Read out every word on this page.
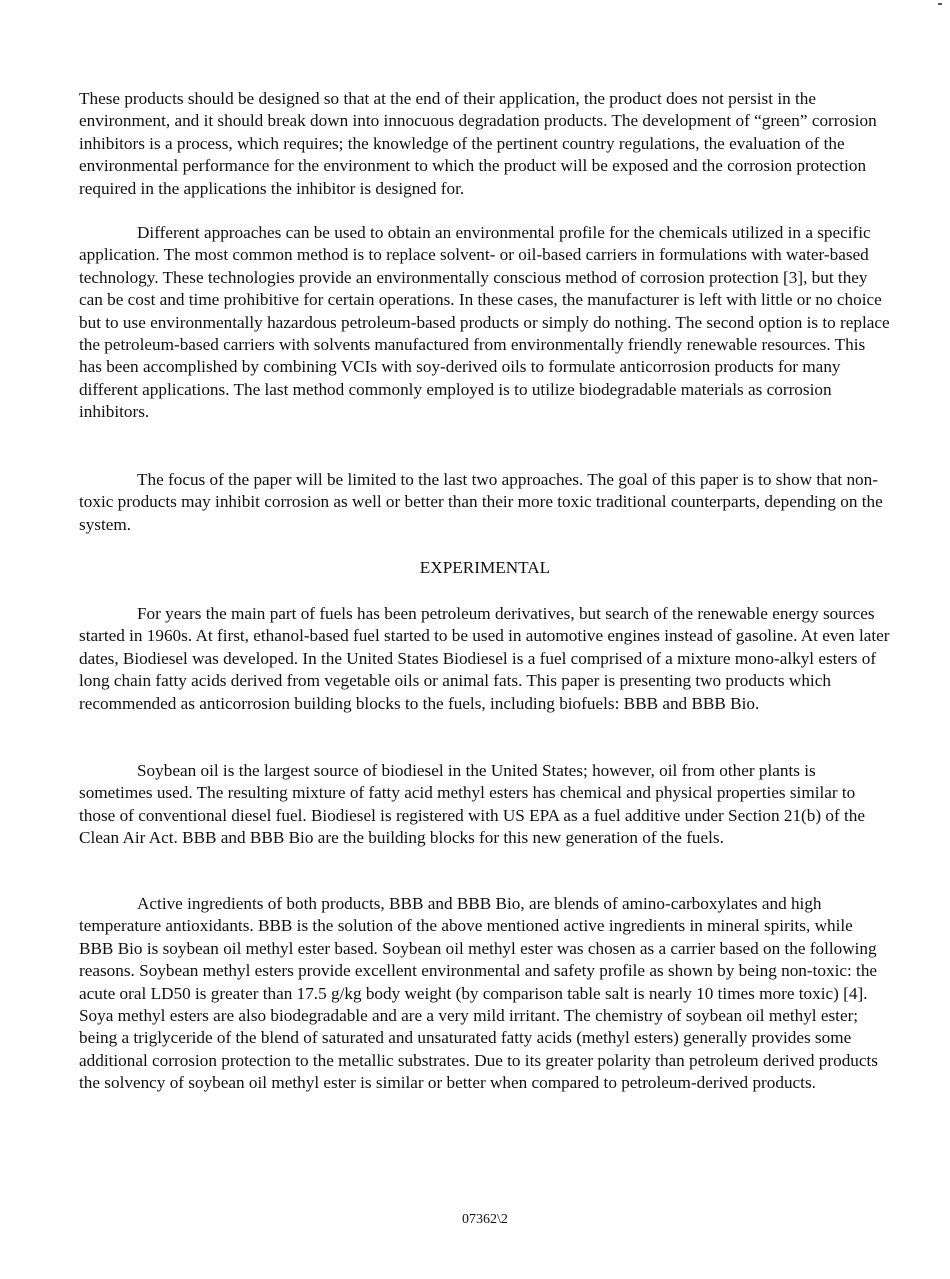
These products should be designed so that at the end of their application, the product does not persist in the environment, and it should break down into innocuous degradation products. The development of “green” corrosion inhibitors is a process, which requires; the knowledge of the pertinent country regulations, the evaluation of the environmental performance for the environment to which the product will be exposed and the corrosion protection required in the applications the inhibitor is designed for.

Different approaches can be used to obtain an environmental profile for the chemicals utilized in a specific application. The most common method is to replace solvent- or oil-based carriers in formulations with water-based technology. These technologies provide an environmentally conscious method of corrosion protection [3], but they can be cost and time prohibitive for certain operations. In these cases, the manufacturer is left with little or no choice but to use environmentally hazardous petroleum-based products or simply do nothing. The second option is to replace the petroleum-based carriers with solvents manufactured from environmentally friendly renewable resources. This has been accomplished by combining VCIs with soy-derived oils to formulate anticorrosion products for many different applications. The last method commonly employed is to utilize biodegradable materials as corrosion inhibitors.

The focus of the paper will be limited to the last two approaches. The goal of this paper is to show that non-toxic products may inhibit corrosion as well or better than their more toxic traditional counterparts, depending on the system.

EXPERIMENTAL

For years the main part of fuels has been petroleum derivatives, but search of the renewable energy sources started in 1960s. At first, ethanol-based fuel started to be used in automotive engines instead of gasoline. At even later dates, Biodiesel was developed. In the United States Biodiesel is a fuel comprised of a mixture mono-alkyl esters of long chain fatty acids derived from vegetable oils or animal fats. This paper is presenting two products which recommended as anticorrosion building blocks to the fuels, including biofuels: BBB and BBB Bio.

Soybean oil is the largest source of biodiesel in the United States; however, oil from other plants is sometimes used. The resulting mixture of fatty acid methyl esters has chemical and physical properties similar to those of conventional diesel fuel. Biodiesel is registered with US EPA as a fuel additive under Section 21(b) of the Clean Air Act. BBB and BBB Bio are the building blocks for this new generation of the fuels.

Active ingredients of both products, BBB and BBB Bio, are blends of amino-carboxylates and high temperature antioxidants. BBB is the solution of the above mentioned active ingredients in mineral spirits, while BBB Bio is soybean oil methyl ester based. Soybean oil methyl ester was chosen as a carrier based on the following reasons. Soybean methyl esters provide excellent environmental and safety profile as shown by being non-toxic: the acute oral LD50 is greater than 17.5 g/kg body weight (by comparison table salt is nearly 10 times more toxic) [4]. Soya methyl esters are also biodegradable and are a very mild irritant. The chemistry of soybean oil methyl ester; being a triglyceride of the blend of saturated and unsaturated fatty acids (methyl esters) generally provides some additional corrosion protection to the metallic substrates. Due to its greater polarity than petroleum derived products the solvency of soybean oil methyl ester is similar or better when compared to petroleum-derived products.

07362\2
